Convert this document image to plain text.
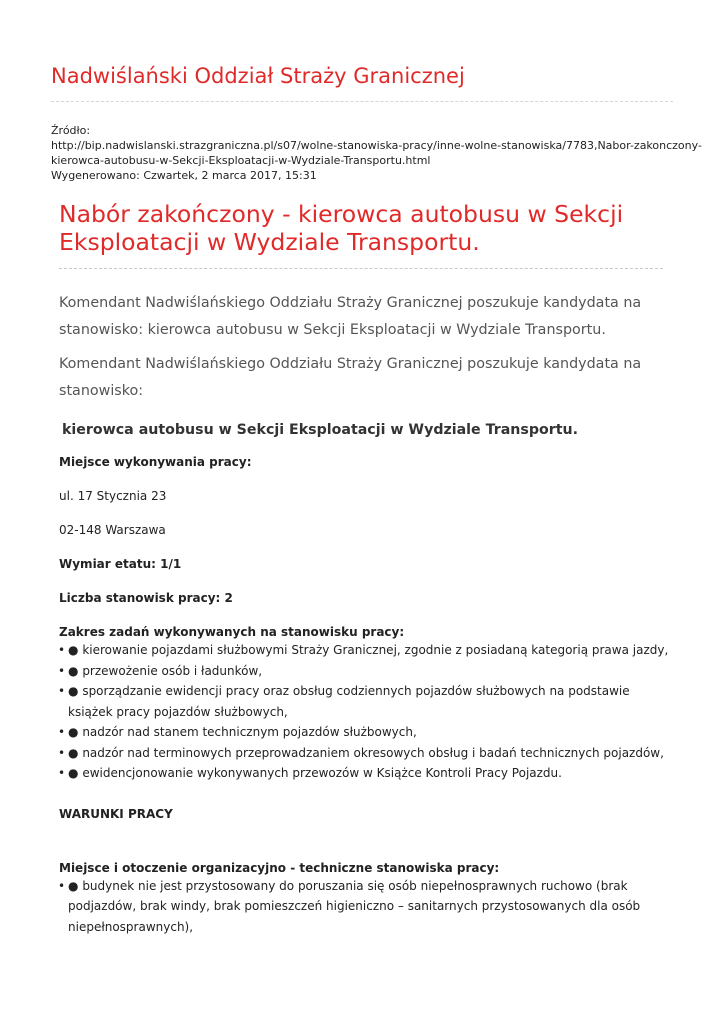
Nadwiślański Oddział Straży Granicznej
Źródło:
http://bip.nadwislanski.strazgraniczna.pl/s07/wolne-stanowiska-pracy/inne-wolne-stanowiska/7783,Nabor-zakonczony-
kierowca-autobusu-w-Sekcji-Eksploatacji-w-Wydziale-Transportu.html
Wygenerowano: Czwartek, 2 marca 2017, 15:31
Nabór zakończony - kierowca autobusu w Sekcji Eksploatacji w Wydziale Transportu.

Komendant Nadwiślańskiego Oddziału Straży Granicznej poszukuje kandydata na stanowisko: kierowca autobusu w Sekcji Eksploatacji w Wydziale Transportu.

Komendant Nadwiślańskiego Oddziału Straży Granicznej poszukuje kandydata na stanowisko:

kierowca autobusu w Sekcji Eksploatacji w Wydziale Transportu.

Miejsce wykonywania pracy:

ul. 17 Stycznia 23

02-148 Warszawa

Wymiar etatu: 1/1

Liczba stanowisk pracy: 2

Zakres zadań wykonywanych na stanowisku pracy:

• ● kierowanie pojazdami służbowymi Straży Granicznej, zgodnie z posiadaną kategorią prawa jazdy,
• ● przewożenie osób i ładunków,
• ● sporządzanie ewidencji pracy oraz obsług codziennych pojazdów służbowych na podstawie książek pracy pojazdów służbowych,
• ● nadzór nad stanem technicznym pojazdów służbowych,
• ● nadzór nad terminowych przeprowadzaniem okresowych obsług i badań technicznych pojazdów,
• ● ewidencjonowanie wykonywanych przewozów w Książce Kontroli Pracy Pojazdu.

WARUNKI PRACY

Miejsce i otoczenie organizacyjno - techniczne stanowiska pracy:

• ● budynek nie jest przystosowany do poruszania się osób niepełnosprawnych ruchowo (brak podjazdów, brak windy, brak pomieszczeń higieniczno – sanitarnych przystosowanych dla osób niepełnosprawnych),
